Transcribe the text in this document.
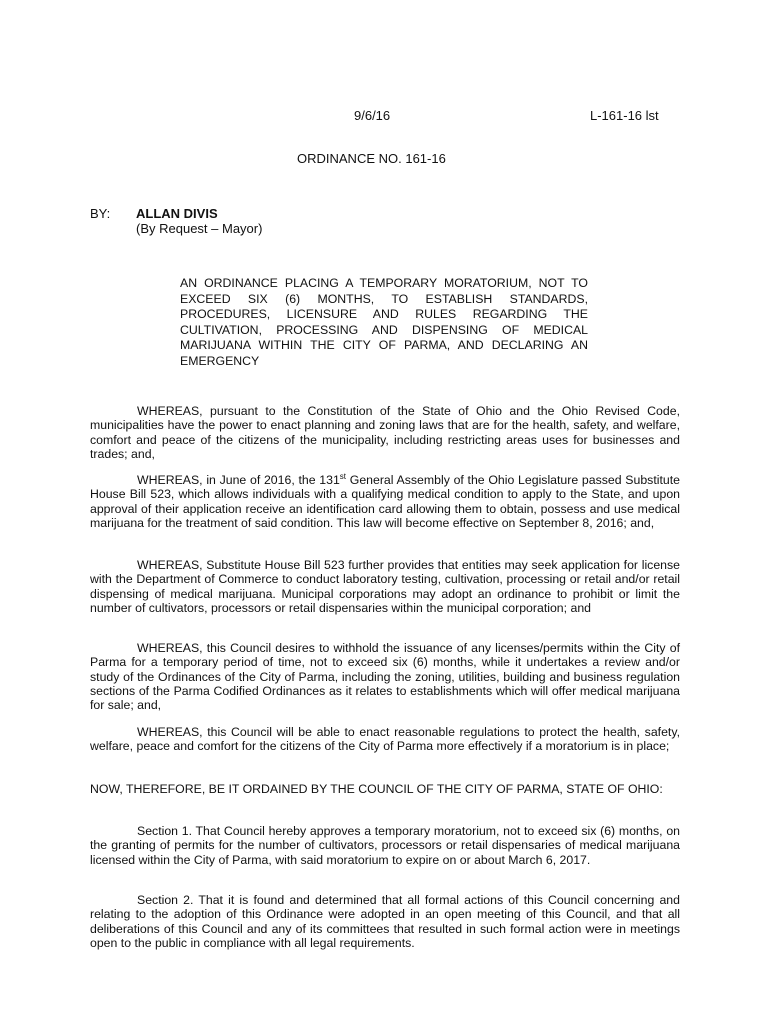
9/6/16	L-161-16 lst

ORDINANCE NO. 161-16

BY: ALLAN DIVIS

(By Request – Mayor)

AN ORDINANCE PLACING A TEMPORARY MORATORIUM, NOT TO EXCEED SIX (6) MONTHS, TO ESTABLISH STANDARDS, PROCEDURES, LICENSURE AND RULES REGARDING THE CULTIVATION, PROCESSING AND DISPENSING OF MEDICAL MARIJUANA WITHIN THE CITY OF PARMA, AND DECLARING AN EMERGENCY

WHEREAS, pursuant to the Constitution of the State of Ohio and the Ohio Revised Code, municipalities have the power to enact planning and zoning laws that are for the health, safety, and welfare, comfort and peace of the citizens of the municipality, including restricting areas uses for businesses and trades; and,

WHEREAS, in June of 2016, the 131st General Assembly of the Ohio Legislature passed Substitute House Bill 523, which allows individuals with a qualifying medical condition to apply to the State, and upon approval of their application receive an identification card allowing them to obtain, possess and use medical marijuana for the treatment of said condition. This law will become effective on September 8, 2016; and,

WHEREAS, Substitute House Bill 523 further provides that entities may seek application for license with the Department of Commerce to conduct laboratory testing, cultivation, processing or retail and/or retail dispensing of medical marijuana. Municipal corporations may adopt an ordinance to prohibit or limit the number of cultivators, processors or retail dispensaries within the municipal corporation; and

WHEREAS, this Council desires to withhold the issuance of any licenses/permits within the City of Parma for a temporary period of time, not to exceed six (6) months, while it undertakes a review and/or study of the Ordinances of the City of Parma, including the zoning, utilities, building and business regulation sections of the Parma Codified Ordinances as it relates to establishments which will offer medical marijuana for sale; and,

WHEREAS, this Council will be able to enact reasonable regulations to protect the health, safety, welfare, peace and comfort for the citizens of the City of Parma more effectively if a moratorium is in place;

NOW, THEREFORE, BE IT ORDAINED BY THE COUNCIL OF THE CITY OF PARMA, STATE OF OHIO:

Section 1. That Council hereby approves a temporary moratorium, not to exceed six (6) months, on the granting of permits for the number of cultivators, processors or retail dispensaries of medical marijuana licensed within the City of Parma, with said moratorium to expire on or about March 6, 2017.

Section 2. That it is found and determined that all formal actions of this Council concerning and relating to the adoption of this Ordinance were adopted in an open meeting of this Council, and that all deliberations of this Council and any of its committees that resulted in such formal action were in meetings open to the public in compliance with all legal requirements.
